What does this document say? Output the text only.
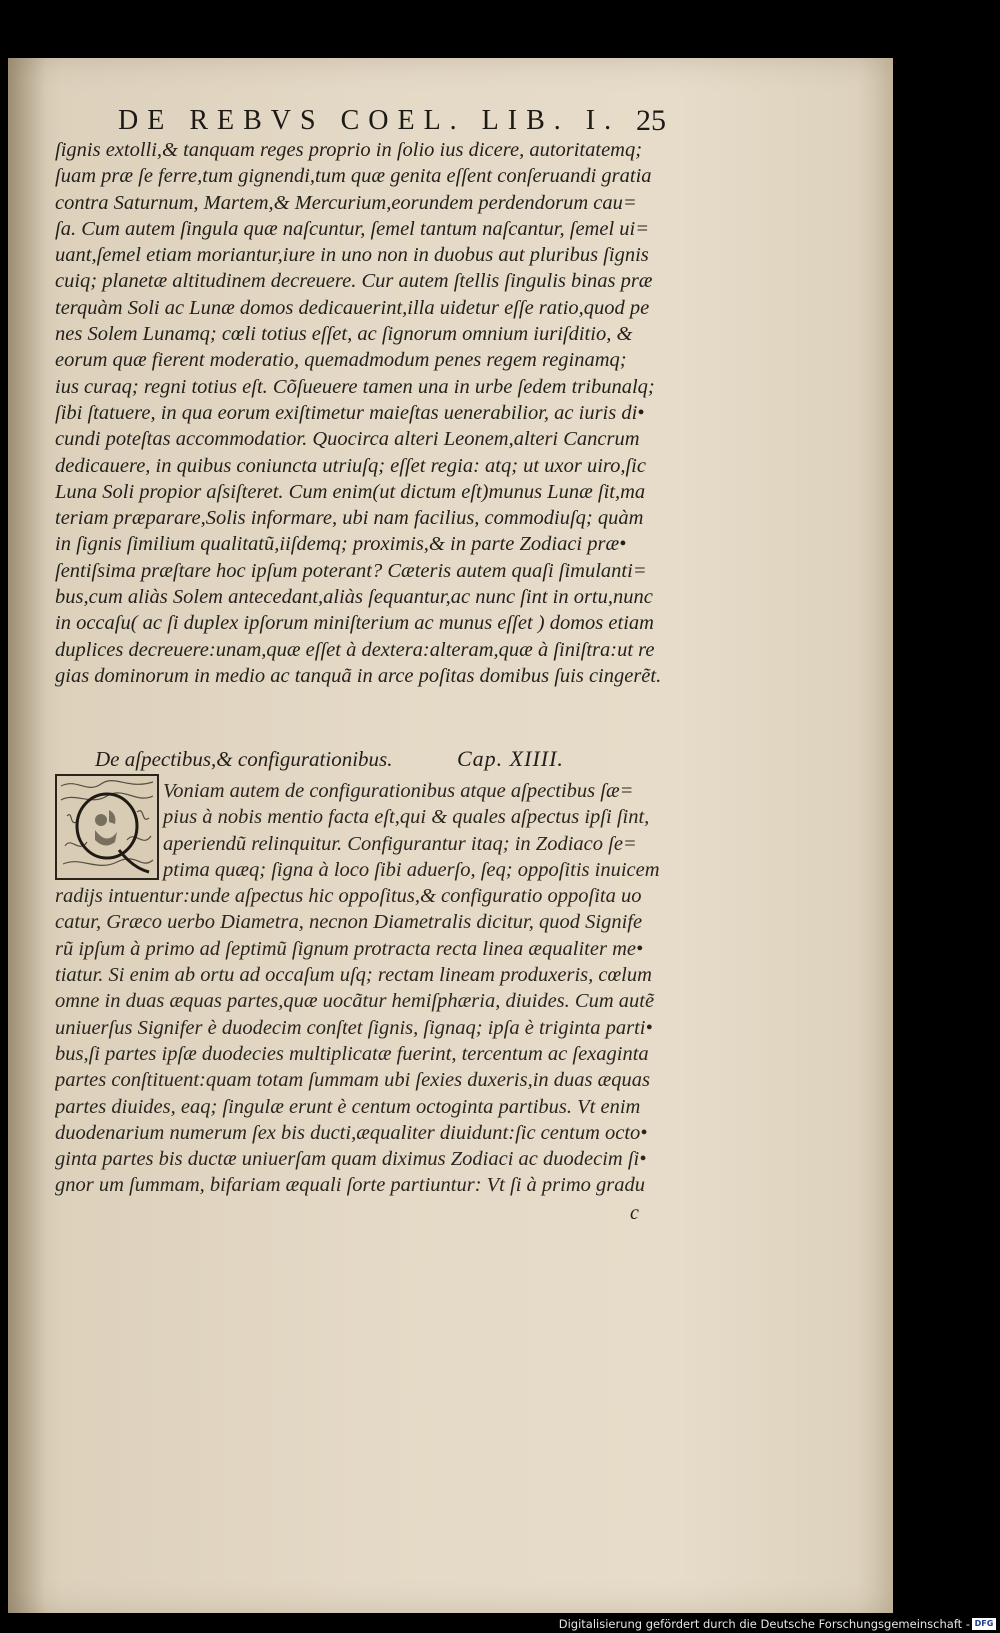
DE REBVS COEL. LIB. I. 25
ſignis extolli,& tanquam reges proprio in ſolio ius dicere, autoritatemq;
ſuam præ ſe ferre,tum gignendi,tum quæ genita eſſent conſeruandi gratia
contra Saturnum, Martem,& Mercurium,eorundem perdendorum cau=
ſa. Cum autem ſingula quæ naſcuntur, ſemel tantum naſcantur, ſemel ui=
uant,ſemel etiam moriantur,iure in uno non in duobus aut pluribus ſignis
cuiq; planetæ altitudinem decreuere. Cur autem ſtellis ſingulis binas præ
terquàm Soli ac Lunæ domos dedicauerint,illa uidetur eſſe ratio,quod pe
nes Solem Lunamq; cœli totius eſſet, ac ſignorum omnium iuriſditio, &
eorum quæ fierent moderatio, quemadmodum penes regem reginamq;
ius curaq; regni totius eſt. Cõſueuere tamen una in urbe ſedem tribunalq;
ſibi ſtatuere, in qua eorum exiſtimetur maieſtas uenerabilior, ac iuris di•
cundi poteſtas accommodatior. Quocirca alteri Leonem,alteri Cancrum
dedicauere, in quibus coniuncta utriuſq; eſſet regia: atq; ut uxor uiro,ſic
Luna Soli propior aſsiſteret. Cum enim(ut dictum eſt)munus Lunæ ſit,ma
teriam præparare,Solis informare, ubi nam facilius, commodiuſq; quàm
in ſignis ſimilium qualitatũ,iiſdemq; proximis,& in parte Zodiaci præ•
ſentiſsima præſtare hoc ipſum poterant? Cæteris autem quaſi ſimulanti=
bus,cum aliàs Solem antecedant,aliàs ſequantur,ac nunc ſint in ortu,nunc
in occaſu( ac ſi duplex ipſorum miniſterium ac munus eſſet ) domos etiam
duplices decreuere:unam,quæ eſſet à dextera:alteram,quæ à ſiniſtra:ut re
gias dominorum in medio ac tanquã in arce poſitas domibus ſuis cingerẽt.
De aſpectibus,& configurationibus.	Cap. XIIII.
Voniam autem de configurationibus atque aſpectibus ſæ=
pius à nobis mentio facta eſt,qui & quales aſpectus ipſi ſint,
aperiendũ relinquitur. Configurantur itaq; in Zodiaco ſe=
ptima quæq; ſigna à loco ſibi aduerſo, ſeq; oppoſitis inuicem
radijs intuentur:unde aſpectus hic oppoſitus,& configuratio oppoſita uo
catur, Græco uerbo Diametra, necnon Diametralis dicitur, quod Signife
rũ ipſum à primo ad ſeptimũ ſignum protracta recta linea æqualiter me•
tiatur. Si enim ab ortu ad occaſum uſq; rectam lineam produxeris, cœlum
omne in duas æquas partes,quæ uocãtur hemiſphæria, diuides. Cum autẽ
uniuerſus Signifer è duodecim conſtet ſignis, ſignaq; ipſa è triginta parti•
bus,ſi partes ipſæ duodecies multiplicatæ fuerint, tercentum ac ſexaginta
partes conſtituent:quam totam ſummam ubi ſexies duxeris,in duas æquas
partes diuides, eaq; ſingulæ erunt è centum octoginta partibus. Vt enim
duodenarium numerum ſex bis ducti,æqualiter diuidunt:ſic centum octo•
ginta partes bis ductæ uniuerſam quam diximus Zodiaci ac duodecim ſi•
gnor um ſummam, bifariam æquali ſorte partiuntur: Vt ſi à primo gradu
c
Digitalisierung gefördert durch die Deutsche Forschungsgemeinschaft - DFG
